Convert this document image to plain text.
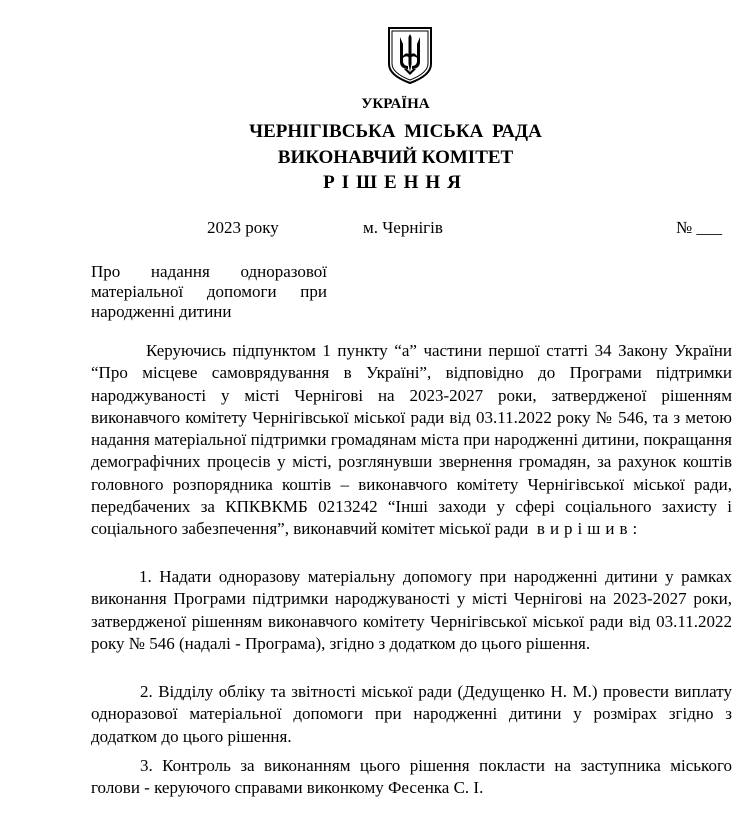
УКРАЇНА
ЧЕРНІГІВСЬКА МІСЬКА РАДА
ВИКОНАВЧИЙ КОМІТЕТ
РІШЕННЯ
2023 року	м. Чернігів	№ ___
Про надання одноразової матеріальної допомоги при народженні дитини
Керуючись підпунктом 1 пункту “а” частини першої статті 34 Закону України “Про місцеве самоврядування в Україні”, відповідно до Програми підтримки народжуваності у місті Чернігові на 2023-2027 роки, затвердженої рішенням виконавчого комітету Чернігівської міської ради від 03.11.2022 року № 546, та з метою надання матеріальної підтримки громадянам міста при народженні дитини, покращання демографічних процесів у місті, розглянувши звернення громадян, за рахунок коштів головного розпорядника коштів – виконавчого комітету Чернігівської міської ради, передбачених за КПКВКМБ 0213242 “Інші заходи у сфері соціального захисту і соціального забезпечення”, виконавчий комітет міської ради вирішив:
1. Надати одноразову матеріальну допомогу при народженні дитини у рамках виконання Програми підтримки народжуваності у місті Чернігові на 2023-2027 роки, затвердженої рішенням виконавчого комітету Чернігівської міської ради від 03.11.2022 року № 546 (надалі - Програма), згідно з додатком до цього рішення.
2. Відділу обліку та звітності міської ради (Дедущенко Н. М.) провести виплату одноразової матеріальної допомоги при народженні дитини у розмірах згідно з додатком до цього рішення.
3. Контроль за виконанням цього рішення покласти на заступника міського голови - керуючого справами виконкому Фесенка С. І.
